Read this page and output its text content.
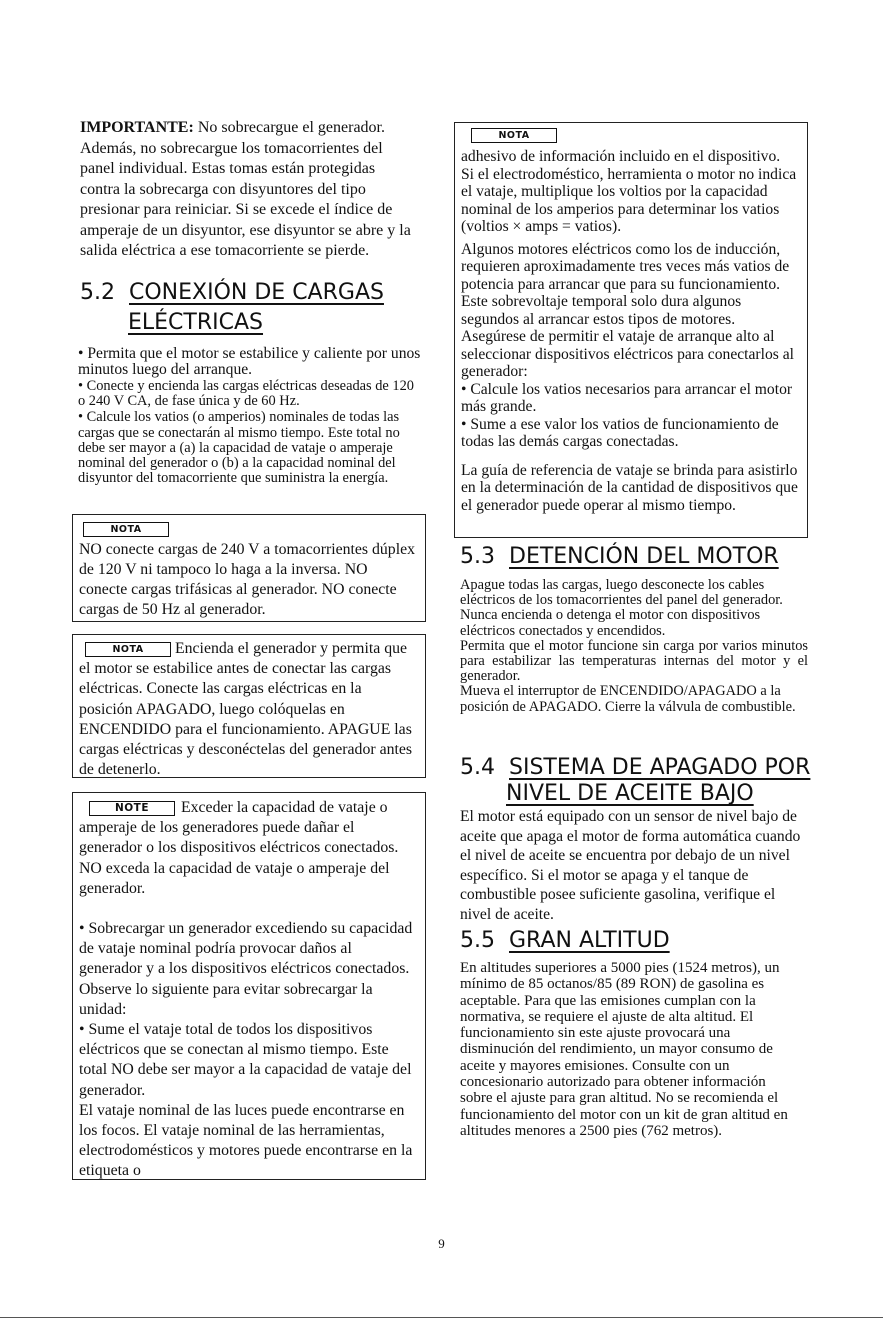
IMPORTANTE: No sobrecargue el generador. Además, no sobrecargue los tomacorrientes del panel individual. Estas tomas están protegidas contra la sobrecarga con disyuntores del tipo presionar para reiniciar. Si se excede el índice de amperaje de un disyuntor, ese disyuntor se abre y la salida eléctrica a ese tomacorriente se pierde.
5.2 CONEXIÓN DE CARGAS
ELÉCTRICAS
• Permita que el motor se estabilice y caliente por unos minutos luego del arranque.
• Conecte y encienda las cargas eléctricas deseadas de 120 o 240 V CA, de fase única y de 60 Hz.
• Calcule los vatios (o amperios) nominales de todas las cargas que se conectarán al mismo tiempo. Este total no debe ser mayor a (a) la capacidad de vataje o amperaje nominal del generador o (b) a la capacidad nominal del disyuntor del tomacorriente que suministra la energía.
NOTA
NO conecte cargas de 240 V a tomacorrientes dúplex de 120 V ni tampoco lo haga a la inversa. NO conecte cargas trifásicas al generador. NO conecte cargas de 50 Hz al generador.
NOTA Encienda el generador y permita que el motor se estabilice antes de conectar las cargas eléctricas. Conecte las cargas eléctricas en la posición APAGADO, luego colóquelas en ENCENDIDO para el funcionamiento. APAGUE las cargas eléctricas y desconéctelas del generador antes de detenerlo.
NOTE Exceder la capacidad de vataje o amperaje de los generadores puede dañar el generador o los dispositivos eléctricos conectados. NO exceda la capacidad de vataje o amperaje del generador.
• Sobrecargar un generador excediendo su capacidad de vataje nominal podría provocar daños al generador y a los dispositivos eléctricos conectados. Observe lo siguiente para evitar sobrecargar la unidad:
• Sume el vataje total de todos los dispositivos eléctricos que se conectan al mismo tiempo. Este total NO debe ser mayor a la capacidad de vataje del generador.
El vataje nominal de las luces puede encontrarse en los focos. El vataje nominal de las herramientas, electrodomésticos y motores puede encontrarse en la etiqueta o
NOTA
adhesivo de información incluido en el dispositivo.
Si el electrodoméstico, herramienta o motor no indica el vataje, multiplique los voltios por la capacidad nominal de los amperios para determinar los vatios (voltios × amps = vatios).
Algunos motores eléctricos como los de inducción, requieren aproximadamente tres veces más vatios de potencia para arrancar que para su funcionamiento. Este sobrevoltaje temporal solo dura algunos segundos al arrancar estos tipos de motores. Asegúrese de permitir el vataje de arranque alto al seleccionar dispositivos eléctricos para conectarlos al generador:
• Calcule los vatios necesarios para arrancar el motor más grande.
• Sume a ese valor los vatios de funcionamiento de todas las demás cargas conectadas.
La guía de referencia de vataje se brinda para asistirlo en la determinación de la cantidad de dispositivos que el generador puede operar al mismo tiempo.
5.3 DETENCIÓN DEL MOTOR
Apague todas las cargas, luego desconecte los cables eléctricos de los tomacorrientes del panel del generador. Nunca encienda o detenga el motor con dispositivos eléctricos conectados y encendidos.
Permita que el motor funcione sin carga por varios minutos para estabilizar las temperaturas internas del motor y el generador.
Mueva el interruptor de ENCENDIDO/APAGADO a la posición de APAGADO. Cierre la válvula de combustible.
5.4 SISTEMA DE APAGADO POR
NIVEL DE ACEITE BAJO
El motor está equipado con un sensor de nivel bajo de aceite que apaga el motor de forma automática cuando el nivel de aceite se encuentra por debajo de un nivel específico. Si el motor se apaga y el tanque de combustible posee suficiente gasolina, verifique el nivel de aceite.
5.5 GRAN ALTITUD
En altitudes superiores a 5000 pies (1524 metros), un mínimo de 85 octanos/85 (89 RON) de gasolina es aceptable. Para que las emisiones cumplan con la normativa, se requiere el ajuste de alta altitud. El funcionamiento sin este ajuste provocará una disminución del rendimiento, un mayor consumo de aceite y mayores emisiones. Consulte con un concesionario autorizado para obtener información sobre el ajuste para gran altitud. No se recomienda el funcionamiento del motor con un kit de gran altitud en altitudes menores a 2500 pies (762 metros).
9
